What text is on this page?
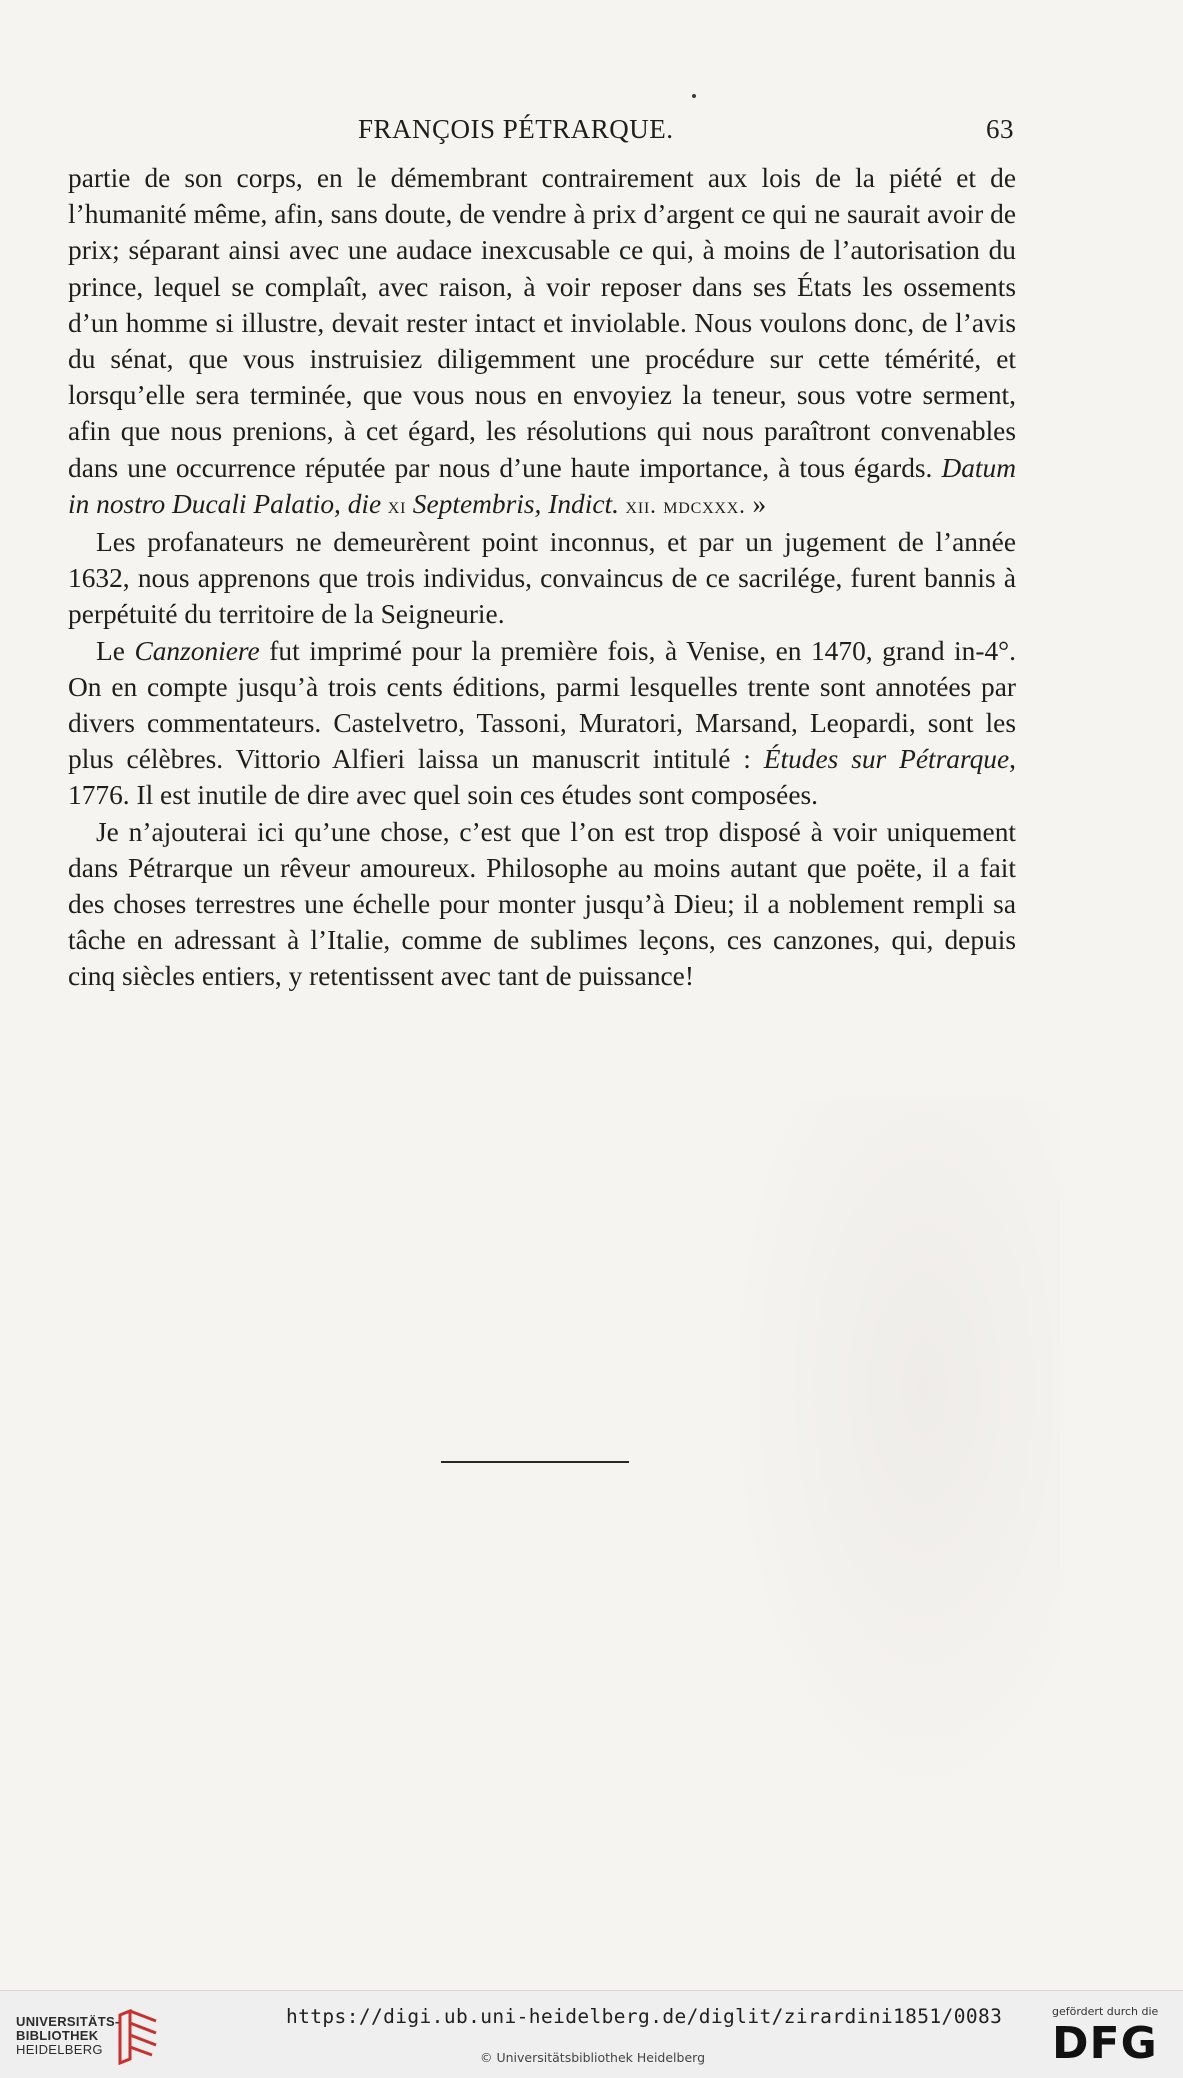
FRANÇOIS PÉTRARQUE.	63

partie de son corps, en le démembrant contrairement aux lois de la piété et de l’humanité même, afin, sans doute, de vendre à prix d’argent ce qui ne saurait avoir de prix; séparant ainsi avec une audace inexcusable ce qui, à moins de l’autorisation du prince, lequel se complaît, avec raison, à voir reposer dans ses États les ossements d’un homme si illustre, devait rester intact et inviolable. Nous voulons donc, de l’avis du sénat, que vous instruisiez diligemment une procédure sur cette témérité, et lorsqu’elle sera terminée, que vous nous en envoyiez la teneur, sous votre serment, afin que nous prenions, à cet égard, les résolutions qui nous paraîtront convenables dans une occurrence réputée par nous d’une haute importance, à tous égards. Datum in nostro Ducali Palatio, die xi Septembris, Indict. xii. mdcxxx. »

Les profanateurs ne demeurèrent point inconnus, et par un jugement de l’année 1632, nous apprenons que trois individus, convaincus de ce sacrilége, furent bannis à perpétuité du territoire de la Seigneurie.

Le Canzoniere fut imprimé pour la première fois, à Venise, en 1470, grand in-4°. On en compte jusqu’à trois cents éditions, parmi lesquelles trente sont annotées par divers commentateurs. Castelvetro, Tassoni, Muratori, Marsand, Leopardi, sont les plus célèbres. Vittorio Alfieri laissa un manuscrit intitulé : Études sur Pétrarque, 1776. Il est inutile de dire avec quel soin ces études sont composées.

Je n’ajouterai ici qu’une chose, c’est que l’on est trop disposé à voir uniquement dans Pétrarque un rêveur amoureux. Philosophe au moins autant que poëte, il a fait des choses terrestres une échelle pour monter jusqu’à Dieu; il a noblement rempli sa tâche en adressant à l’Italie, comme de sublimes leçons, ces canzones, qui, depuis cinq siècles entiers, y retentissent avec tant de puissance!

UNIVERSITÄTS-
BIBLIOTHEK
HEIDELBERG
https://digi.ub.uni-heidelberg.de/diglit/zirardini1851/0083
© Universitätsbibliothek Heidelberg
gefördert durch die
DFG
